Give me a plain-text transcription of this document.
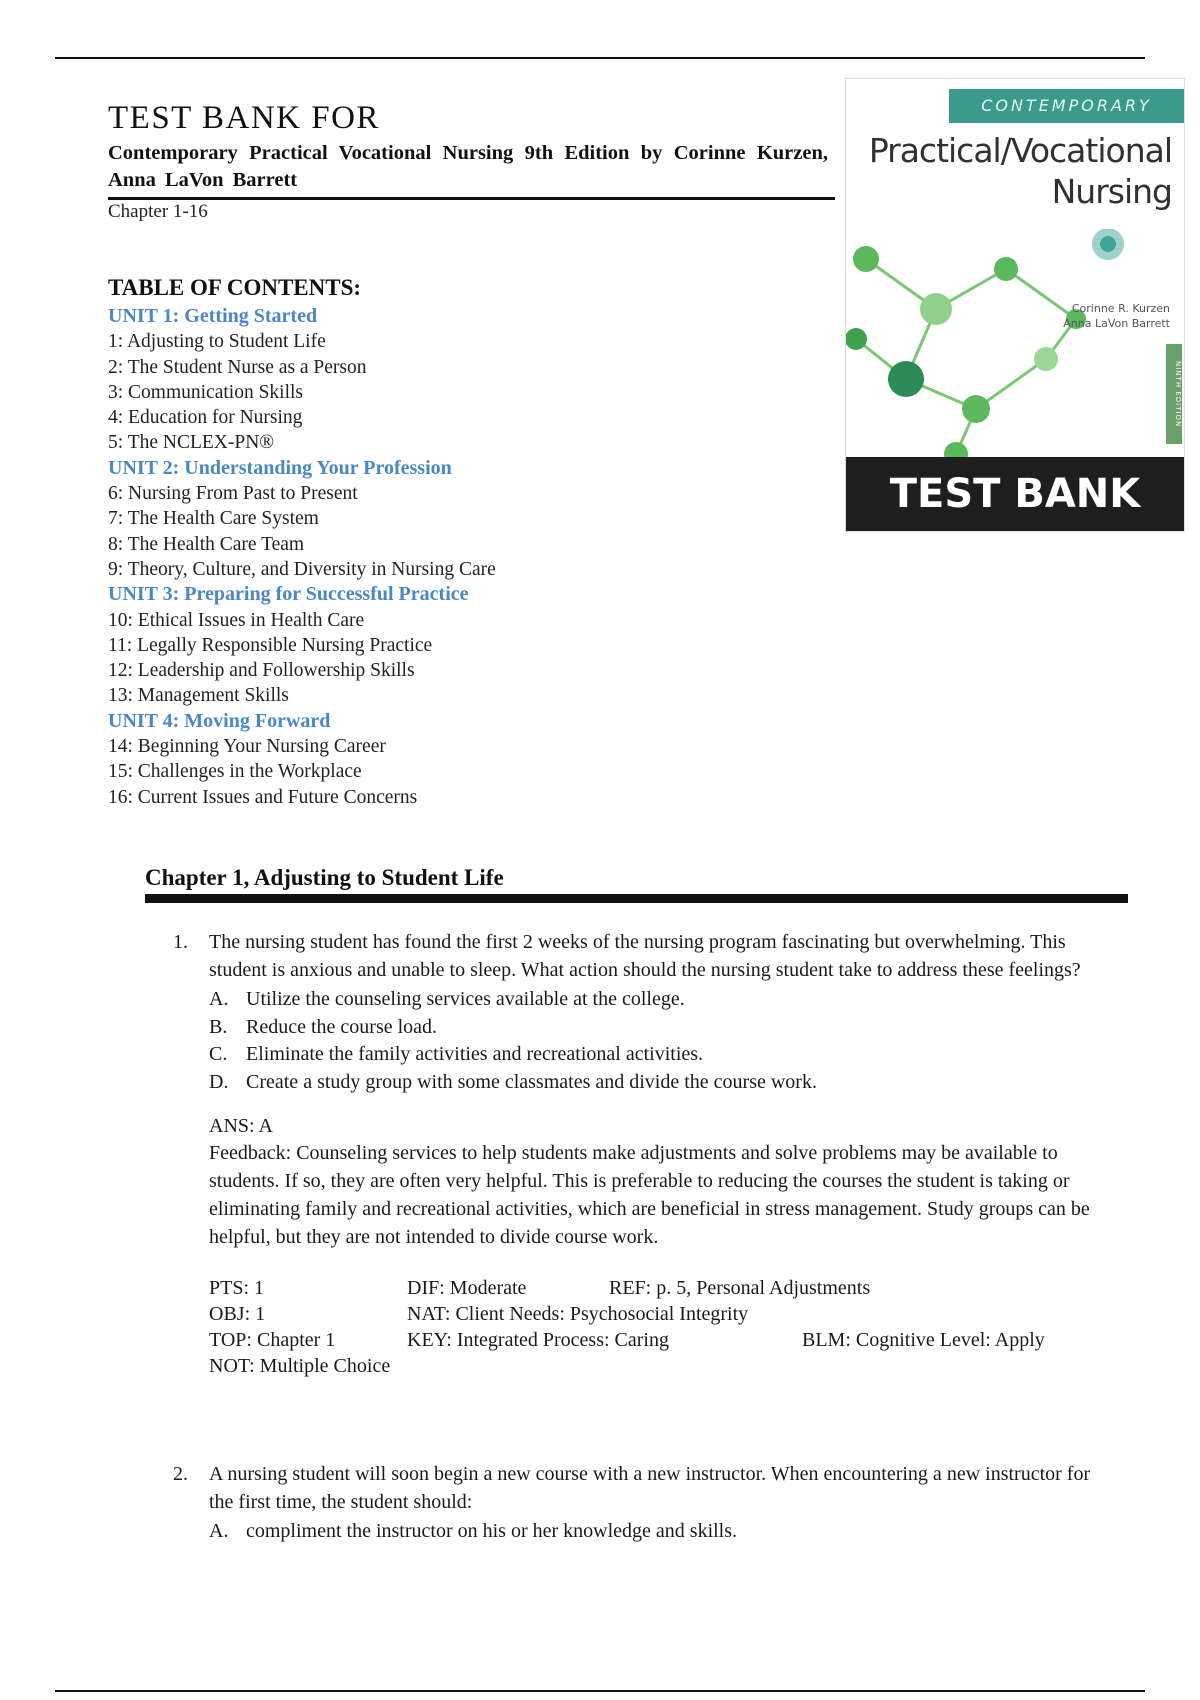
TEST BANK FOR
Contemporary Practical Vocational Nursing 9th Edition by Corinne Kurzen, Anna LaVon Barrett
Chapter 1-16
CONTEMPORARY
Practical/Vocational
Nursing
Corinne R. Kurzen
Anna LaVon Barrett
NINTH EDITION
TEST BANK
TABLE OF CONTENTS:
UNIT 1: Getting Started
1: Adjusting to Student Life
2: The Student Nurse as a Person
3: Communication Skills
4: Education for Nursing
5: The NCLEX-PN®
UNIT 2: Understanding Your Profession
6: Nursing From Past to Present
7: The Health Care System
8: The Health Care Team
9: Theory, Culture, and Diversity in Nursing Care
UNIT 3: Preparing for Successful Practice
10: Ethical Issues in Health Care
11: Legally Responsible Nursing Practice
12: Leadership and Followership Skills
13: Management Skills
UNIT 4: Moving Forward
14: Beginning Your Nursing Career
15: Challenges in the Workplace
16: Current Issues and Future Concerns
Chapter 1, Adjusting to Student Life
1.	The nursing student has found the first 2 weeks of the nursing program fascinating but overwhelming. This student is anxious and unable to sleep. What action should the nursing student take to address these feelings?
A. Utilize the counseling services available at the college.
B. Reduce the course load.
C. Eliminate the family activities and recreational activities.
D. Create a study group with some classmates and divide the course work.
ANS: A
Feedback: Counseling services to help students make adjustments and solve problems may be available to students. If so, they are often very helpful. This is preferable to reducing the courses the student is taking or eliminating family and recreational activities, which are beneficial in stress management. Study groups can be helpful, but they are not intended to divide course work.
PTS: 1	DIF: Moderate	REF: p. 5, Personal Adjustments
OBJ: 1	NAT: Client Needs: Psychosocial Integrity
TOP: Chapter 1	KEY: Integrated Process: Caring	BLM: Cognitive Level: Apply
NOT: Multiple Choice
2.	A nursing student will soon begin a new course with a new instructor. When encountering a new instructor for the first time, the student should:
A. compliment the instructor on his or her knowledge and skills.
